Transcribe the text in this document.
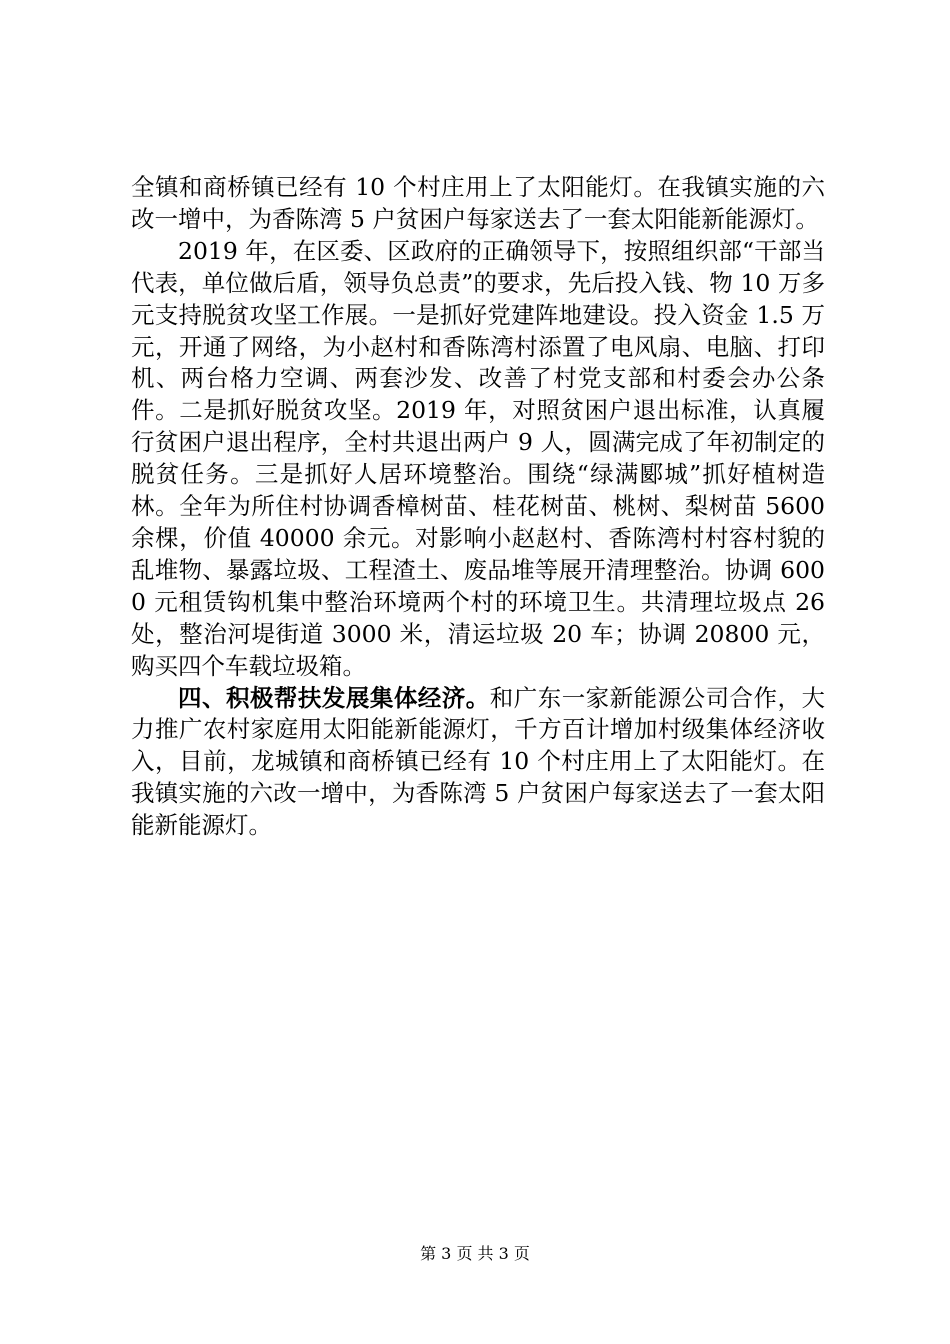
全镇和商桥镇已经有 10 个村庄用上了太阳能灯。在我镇实施的六改一增中，为香陈湾 5 户贫困户每家送去了一套太阳能新能源灯。

2019 年，在区委、区政府的正确领导下，按照组织部“干部当代表，单位做后盾，领导负总责”的要求，先后投入钱、物 10 万多元支持脱贫攻坚工作展。一是抓好党建阵地建设。投入资金 1.5 万元，开通了网络，为小赵村和香陈湾村添置了电风扇、电脑、打印机、两台格力空调、两套沙发、改善了村党支部和村委会办公条件。二是抓好脱贫攻坚。2019 年，对照贫困户退出标准，认真履行贫困户退出程序，全村共退出两户 9 人，圆满完成了年初制定的脱贫任务。三是抓好人居环境整治。围绕“绿满郾城”抓好植树造林。全年为所住村协调香樟树苗、桂花树苗、桃树、梨树苗 5600 余棵，价值 40000 余元。对影响小赵赵村、香陈湾村村容村貌的乱堆物、暴露垃圾、工程渣土、废品堆等展开清理整治。协调 6000 元租赁钩机集中整治环境两个村的环境卫生。共清理垃圾点 26 处，整治河堤街道 3000 米，清运垃圾 20 车；协调 20800 元，购买四个车载垃圾箱。

四、积极帮扶发展集体经济。和广东一家新能源公司合作，大力推广农村家庭用太阳能新能源灯，千方百计增加村级集体经济收入，目前，龙城镇和商桥镇已经有 10 个村庄用上了太阳能灯。在我镇实施的六改一增中，为香陈湾 5 户贫困户每家送去了一套太阳能新能源灯。

第 3 页 共 3 页
